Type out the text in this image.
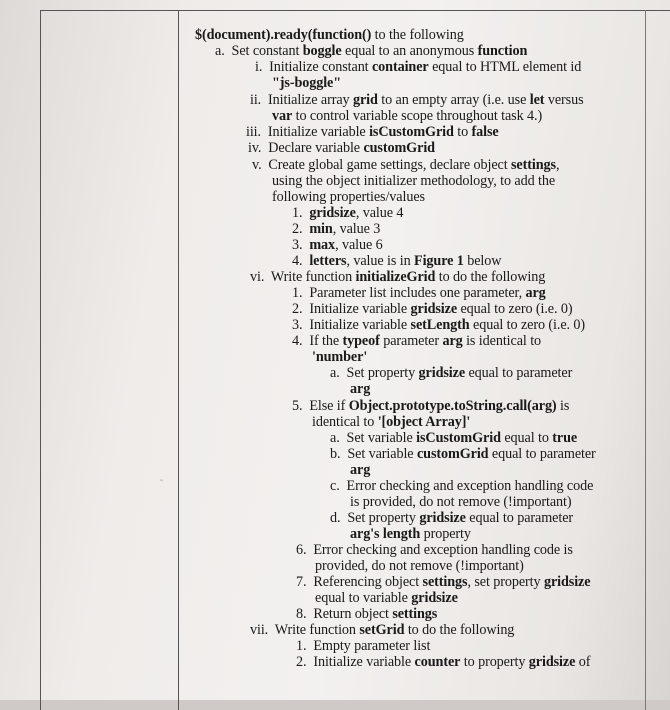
ᵕ
$(document).ready(function() to the following
a.  Set constant boggle equal to an anonymous function
i.  Initialize constant container equal to HTML element id
"js-boggle"
ii.  Initialize array grid to an empty array (i.e. use let versus
var to control variable scope throughout task 4.)
iii.  Initialize variable isCustomGrid to false
iv.  Declare variable customGrid
v.  Create global game settings, declare object settings,
using the object initializer methodology, to add the
following properties/values
1.  gridsize, value 4
2.  min, value 3
3.  max, value 6
4.  letters, value is in Figure 1 below
vi.  Write function initializeGrid to do the following
1.  Parameter list includes one parameter, arg
2.  Initialize variable gridsize equal to zero (i.e. 0)
3.  Initialize variable setLength equal to zero (i.e. 0)
4.  If the typeof parameter arg is identical to
'number'
a.  Set property gridsize equal to parameter
arg
5.  Else if Object.prototype.toString.call(arg) is
identical to '[object Array]'
a.  Set variable isCustomGrid equal to true
b.  Set variable customGrid equal to parameter
arg
c.  Error checking and exception handling code
is provided, do not remove (!important)
d.  Set property gridsize equal to parameter
arg's length property
6.  Error checking and exception handling code is
provided, do not remove (!important)
7.  Referencing object settings, set property gridsize
equal to variable gridsize
8.  Return object settings
vii.  Write function setGrid to do the following
1.  Empty parameter list
2.  Initialize variable counter to property gridsize of
